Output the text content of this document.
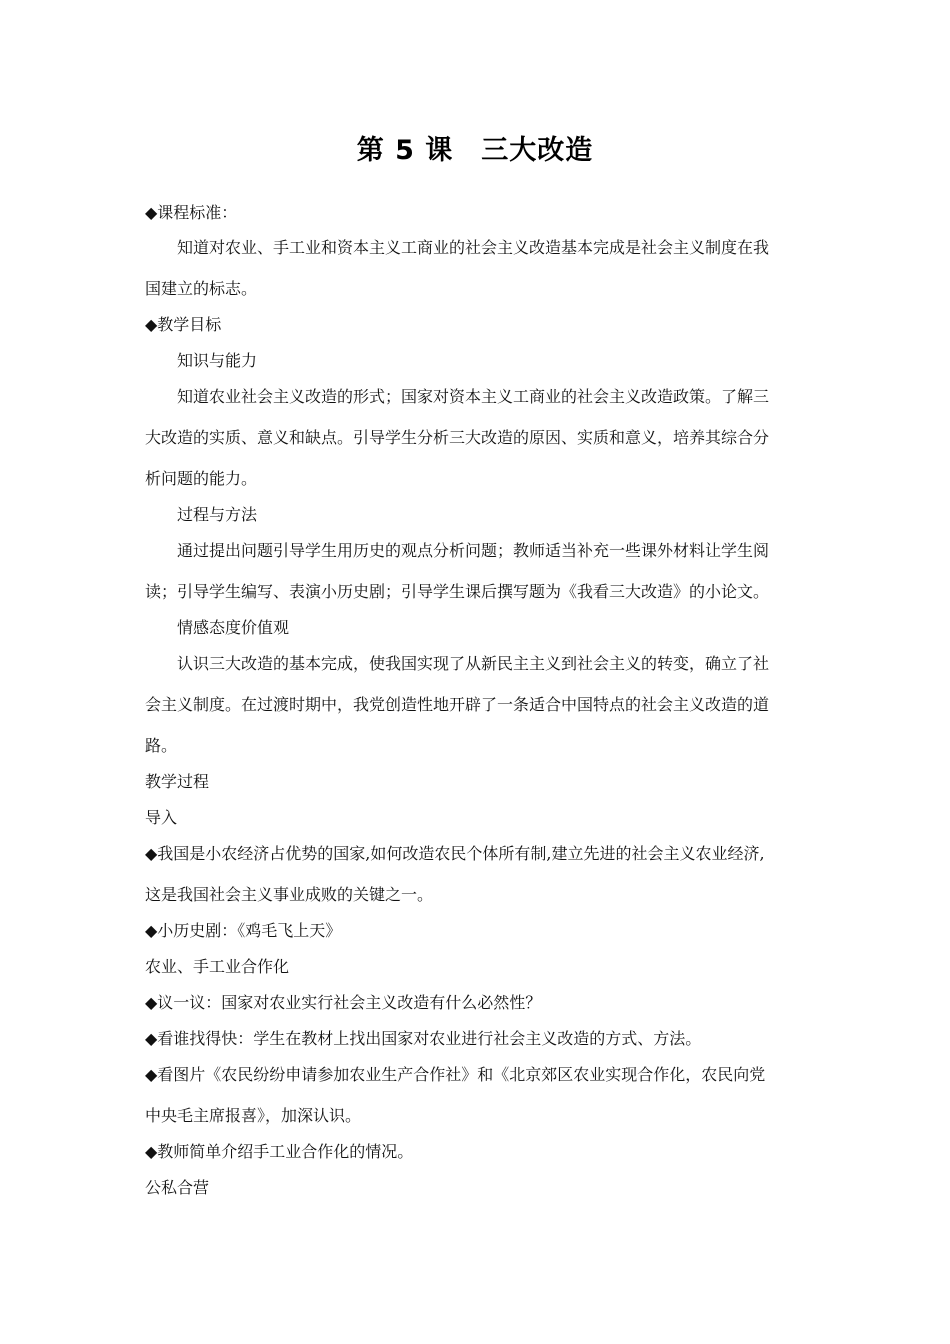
第 5 课 三大改造
◆课程标准：
知道对农业、手工业和资本主义工商业的社会主义改造基本完成是社会主义制度在我
国建立的标志。
◆教学目标
知识与能力
知道农业社会主义改造的形式；国家对资本主义工商业的社会主义改造政策。了解三
大改造的实质、意义和缺点。引导学生分析三大改造的原因、实质和意义，培养其综合分
析问题的能力。
过程与方法
通过提出问题引导学生用历史的观点分析问题；教师适当补充一些课外材料让学生阅
读；引导学生编写、表演小历史剧；引导学生课后撰写题为《我看三大改造》的小论文。
情感态度价值观
认识三大改造的基本完成，使我国实现了从新民主主义到社会主义的转变，确立了社
会主义制度。在过渡时期中，我党创造性地开辟了一条适合中国特点的社会主义改造的道
路。
教学过程
导入
◆我国是小农经济占优势的国家,如何改造农民个体所有制,建立先进的社会主义农业经济,
这是我国社会主义事业成败的关键之一。
◆小历史剧：《鸡毛飞上天》
农业、手工业合作化
◆议一议：国家对农业实行社会主义改造有什么必然性？
◆看谁找得快：学生在教材上找出国家对农业进行社会主义改造的方式、方法。
◆看图片《农民纷纷申请参加农业生产合作社》和《北京郊区农业实现合作化，农民向党
中央毛主席报喜》，加深认识。
◆教师简单介绍手工业合作化的情况。
公私合营
